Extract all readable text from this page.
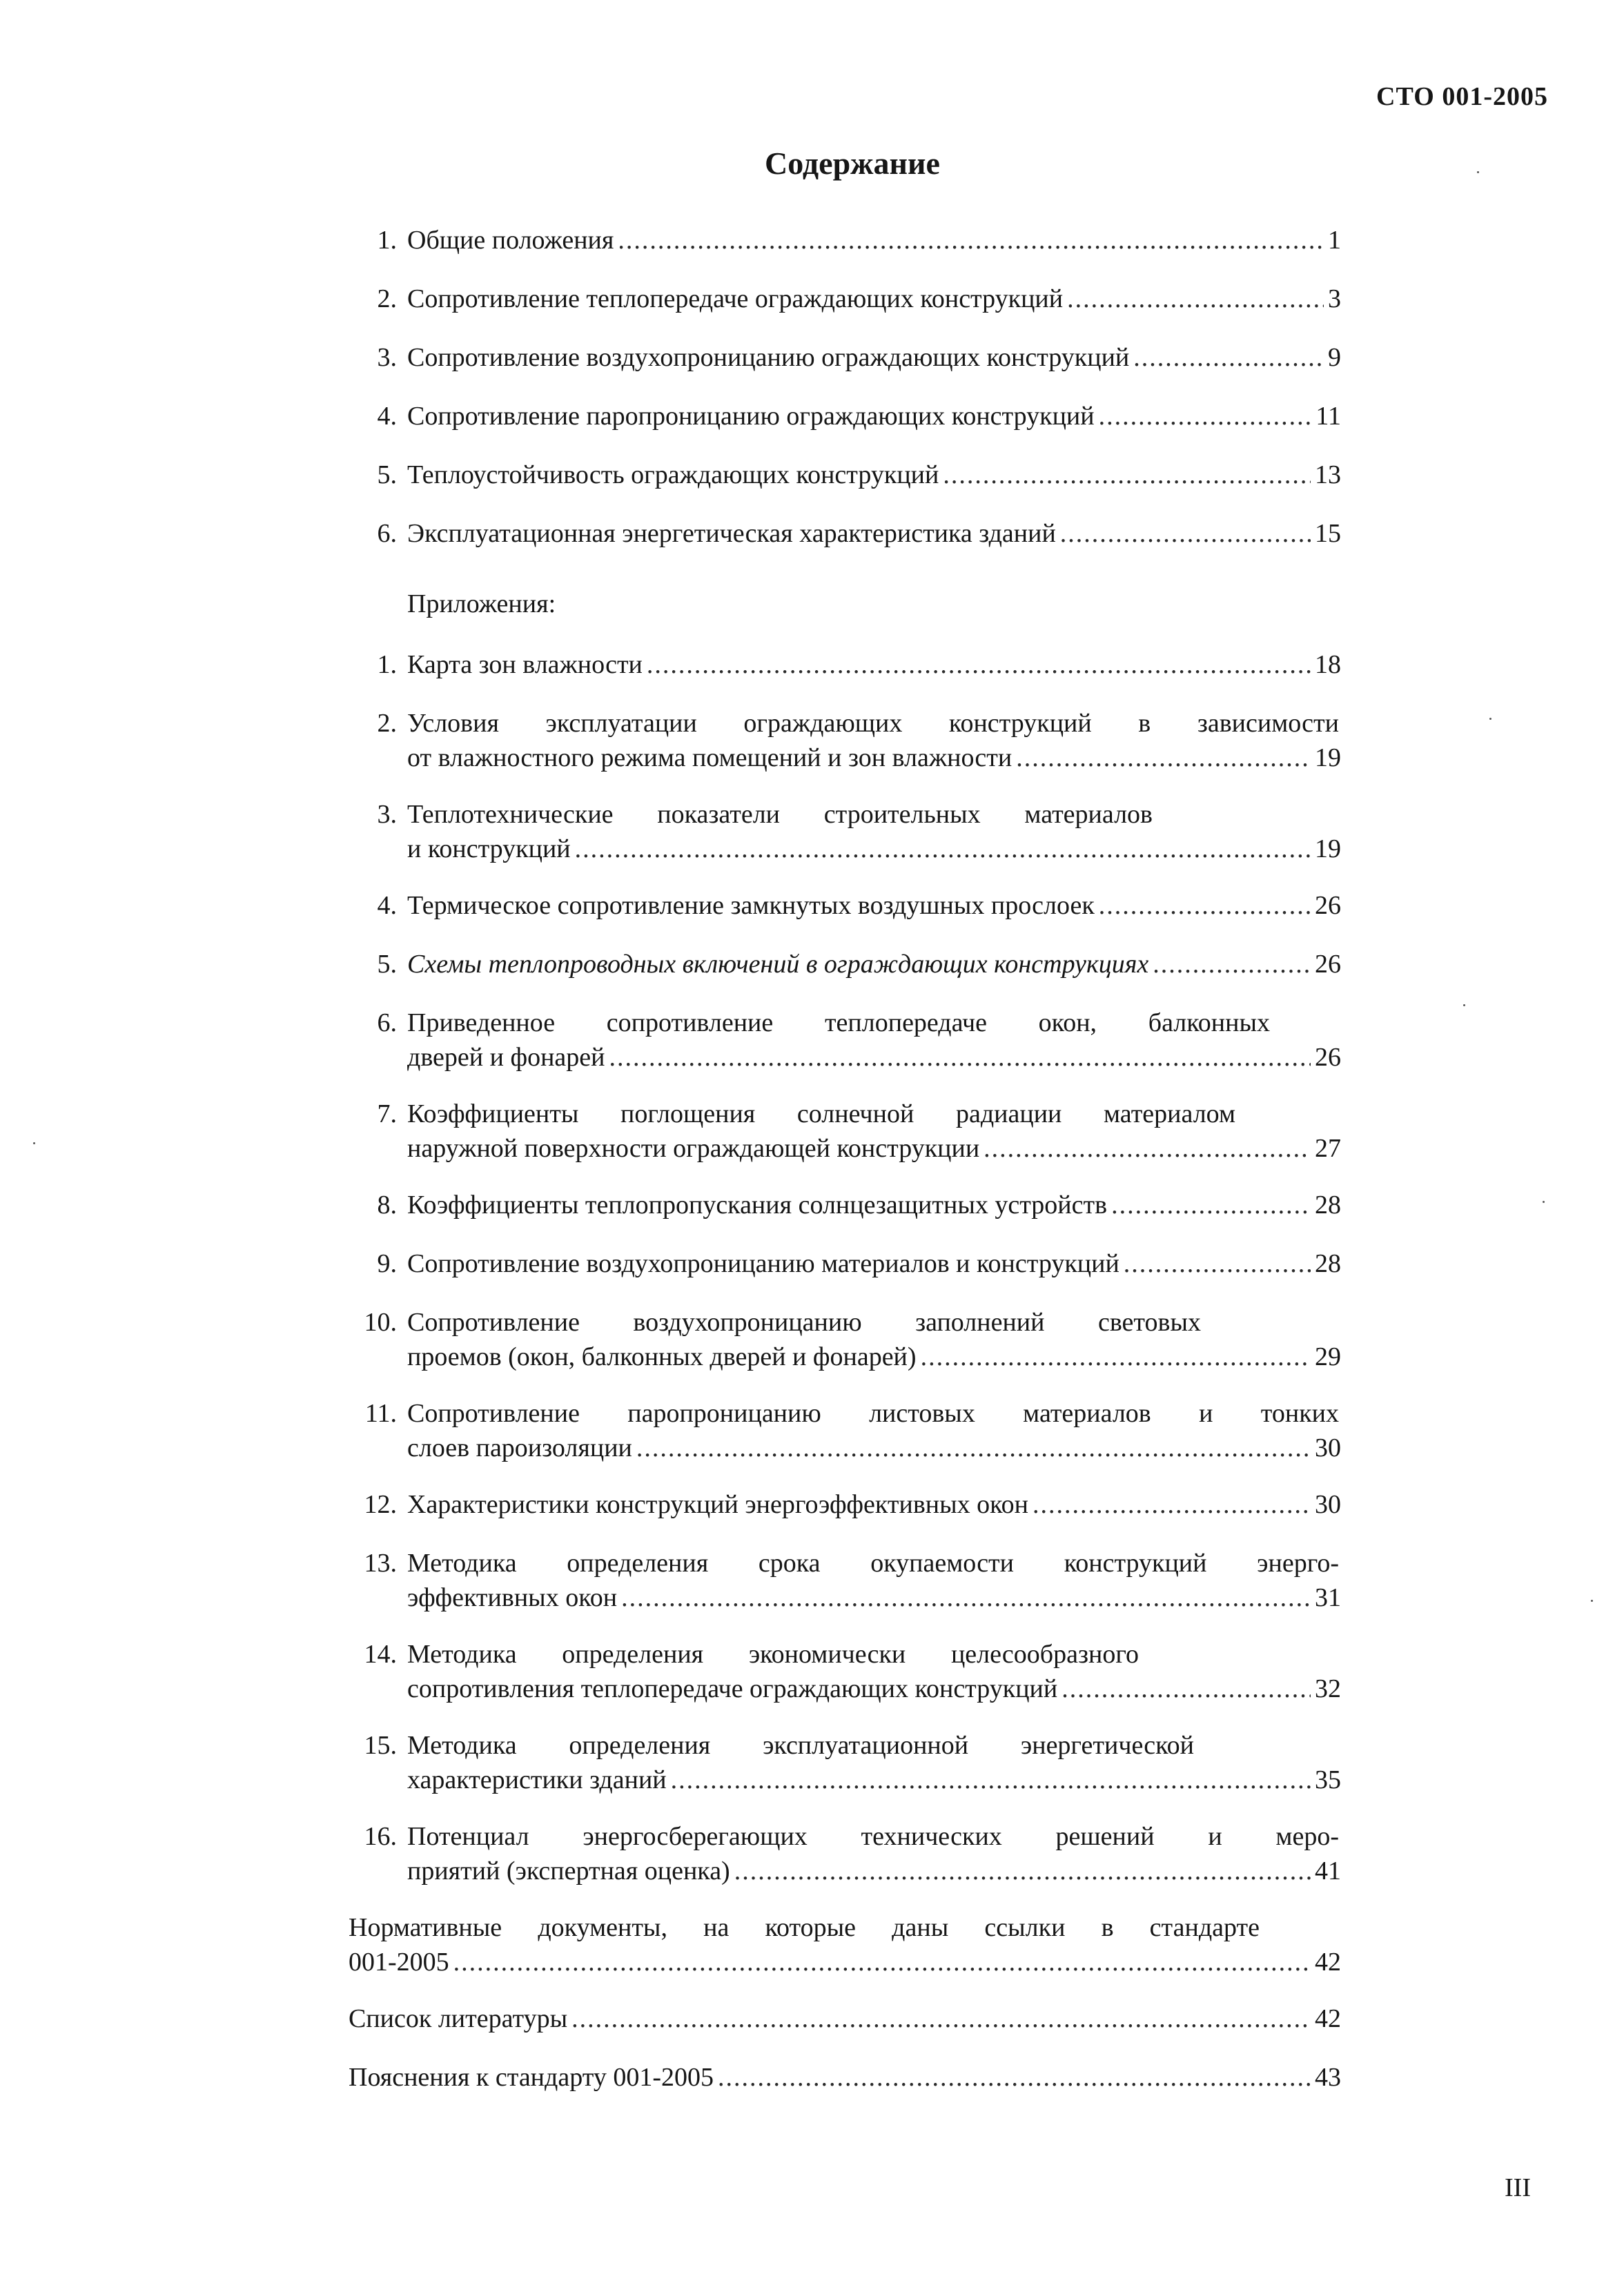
СТО 001-2005
Содержание
1. Общие положения .....	1
2. Сопротивление теплопередаче ограждающих конструкций .....	3
3. Сопротивление воздухопроницанию ограждающих конструкций .....	9
4. Сопротивление паропроницанию ограждающих конструкций .....	11
5. Теплоустойчивость ограждающих конструкций .....	13
6. Эксплуатационная энергетическая характеристика зданий .....	15
Приложения:
1. Карта зон влажности .....	18
2. Условия эксплуатации ограждающих конструкций в зависимости
от влажностного режима помещений и зон влажности .....	19
3. Теплотехнические показатели строительных материалов
и конструкций .....	19
4. Термическое сопротивление замкнутых воздушных прослоек .....	26
5. Схемы теплопроводных включений в ограждающих конструкциях .....	26
6. Приведенное сопротивление теплопередаче окон, балконных
дверей и фонарей .....	26
7. Коэффициенты поглощения солнечной радиации материалом
наружной поверхности ограждающей конструкции .....	27
8. Коэффициенты теплопропускания солнцезащитных устройств .....	28
9. Сопротивление воздухопроницанию материалов и конструкций .....	28
10. Сопротивление воздухопроницанию заполнений световых
проемов (окон, балконных дверей и фонарей) .....	29
11. Сопротивление паропроницанию листовых материалов и тонких
слоев пароизоляции .....	30
12. Характеристики конструкций энергоэффективных окон .....	30
13. Методика определения срока окупаемости конструкций энерго-
эффективных окон .....	31
14. Методика определения экономически целесообразного
сопротивления теплопередаче ограждающих конструкций .....	32
15. Методика определения эксплуатационной энергетической
характеристики зданий .....	35
16. Потенциал энергосберегающих технических решений и меро-
приятий (экспертная оценка) .....	41
Нормативные документы, на которые даны ссылки в стандарте
001-2005 .....	42
Список литературы .....	42
Пояснения к стандарту 001-2005 .....	43
III
